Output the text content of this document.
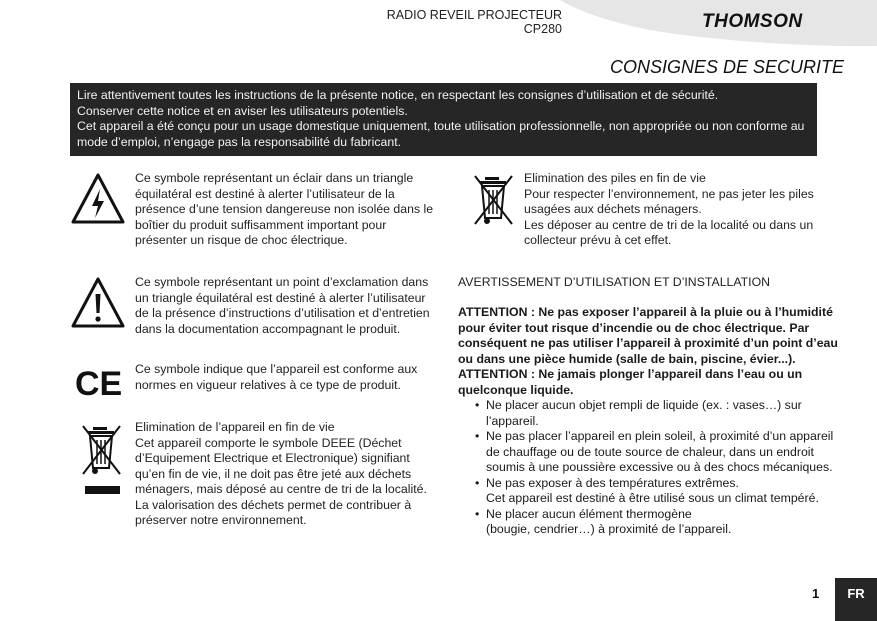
RADIO REVEIL PROJECTEUR
CP280	THOMSON
CONSIGNES DE SECURITE

Lire attentivement toutes les instructions de la présente notice, en respectant les consignes d’utilisation et de sécurité.

Conserver cette notice et en aviser les utilisateurs potentiels.

Cet appareil a été conçu pour un usage domestique uniquement, toute utilisation professionnelle, non appropriée ou non conforme au mode d’emploi, n’engage pas la responsabilité du fabricant.

Ce symbole représentant un éclair dans un triangle équilatéral est destiné à alerter l’utilisateur de la présence d’une tension dangereuse non isolée dans le boîtier du produit suffisamment important pour présenter un risque de choc électrique.
Ce symbole représentant un point d’exclamation dans un triangle équilatéral est destiné à alerter l’utilisateur de la présence d’instructions d’utilisation et d’entretien dans la documentation accompagnant le produit.
CE Ce symbole indique que l’appareil est conforme aux normes en vigueur relatives à ce type de produit.

Elimination de l’appareil en fin de vie

Cet appareil comporte le symbole DEEE (Déchet d’Equipement Electrique et Electronique) signifiant qu’en fin de vie, il ne doit pas être jeté aux déchets ménagers, mais déposé au centre de tri de la localité.

La valorisation des déchets permet de contribuer à préserver notre environnement.

Elimination des piles en fin de vie

Pour respecter l’environnement, ne pas jeter les piles usagées aux déchets ménagers.

Les déposer au centre de tri de la localité ou dans un collecteur prévu à cet effet.

AVERTISSEMENT D’UTILISATION ET D’INSTALLATION

ATTENTION : Ne pas exposer l’appareil à la pluie ou à l’humidité pour éviter tout risque d’incendie ou de choc électrique. Par conséquent ne pas utiliser l’appareil à proximité d’un point d’eau ou dans une pièce humide (salle de bain, piscine, évier...).

ATTENTION : Ne jamais plonger l’appareil dans l’eau ou un quelconque liquide.

• Ne placer aucun objet rempli de liquide (ex. : vases…) sur l’appareil.
• Ne pas placer l’appareil en plein soleil, à proximité d’un appareil de chauffage ou de toute source de chaleur, dans un endroit soumis à une poussière excessive ou à des chocs mécaniques.
• Ne pas exposer à des températures extrêmes.
Cet appareil est destiné à être utilisé sous un climat tempéré.
• Ne placer aucun élément thermogène
(bougie, cendrier…) à proximité de l’appareil.
1	FR
